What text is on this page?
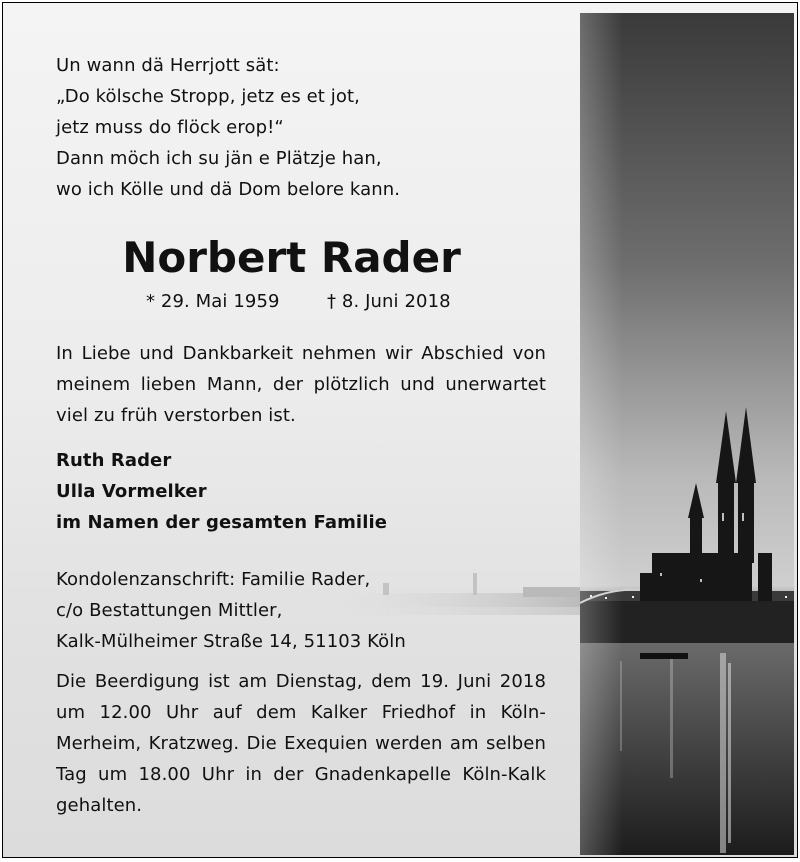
Un wann dä Herrjott sät:
„Do kölsche Stropp, jetz es et jot,
jetz muss do flöck erop!“
Dann möch ich su jän e Plätzje han,
wo ich Kölle und dä Dom belore kann.
Norbert Rader
* 29. Mai 1959	† 8. Juni 2018
In Liebe und Dankbarkeit nehmen wir Abschied von
meinem lieben Mann, der plötzlich und unerwartet
viel zu früh verstorben ist.
Ruth Rader
Ulla Vormelker
im Namen der gesamten Familie
Kondolenzanschrift: Familie Rader,
c/o Bestattungen Mittler,
Kalk-Mülheimer Straße 14, 51103 Köln
Die Beerdigung ist am Dienstag, dem 19. Juni 2018
um 12.00 Uhr auf dem Kalker Friedhof in Köln-
Merheim, Kratzweg. Die Exequien werden am selben
Tag um 18.00 Uhr in der Gnadenkapelle Köln-Kalk
gehalten.
